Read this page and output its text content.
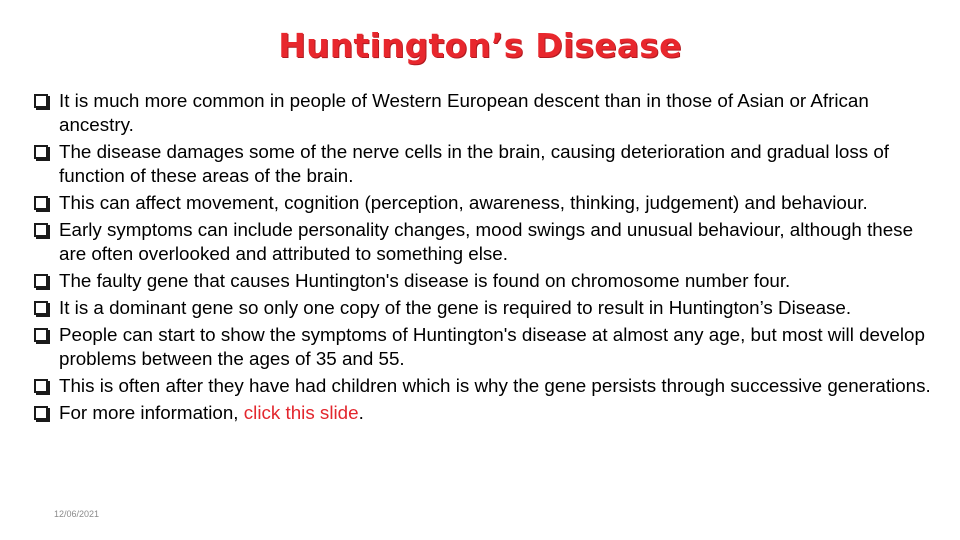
Huntington’s Disease
It is much more common in people of Western European descent than in those of Asian or African ancestry.
The disease damages some of the nerve cells in the brain, causing deterioration and gradual loss of function of these areas of the brain.
This can affect movement, cognition (perception, awareness, thinking, judgement) and behaviour.
Early symptoms can include personality changes, mood swings and unusual behaviour, although these are often overlooked and attributed to something else.
The faulty gene that causes Huntington's disease is found on chromosome number four.
It is a dominant gene so only one copy of the gene is required to result in Huntington’s Disease.
People can start to show the symptoms of Huntington's disease at almost any age, but most will develop problems between the ages of 35 and 55.
This is often after they have had children which is why the gene persists through successive generations.
For more information, click this slide.
12/06/2021
